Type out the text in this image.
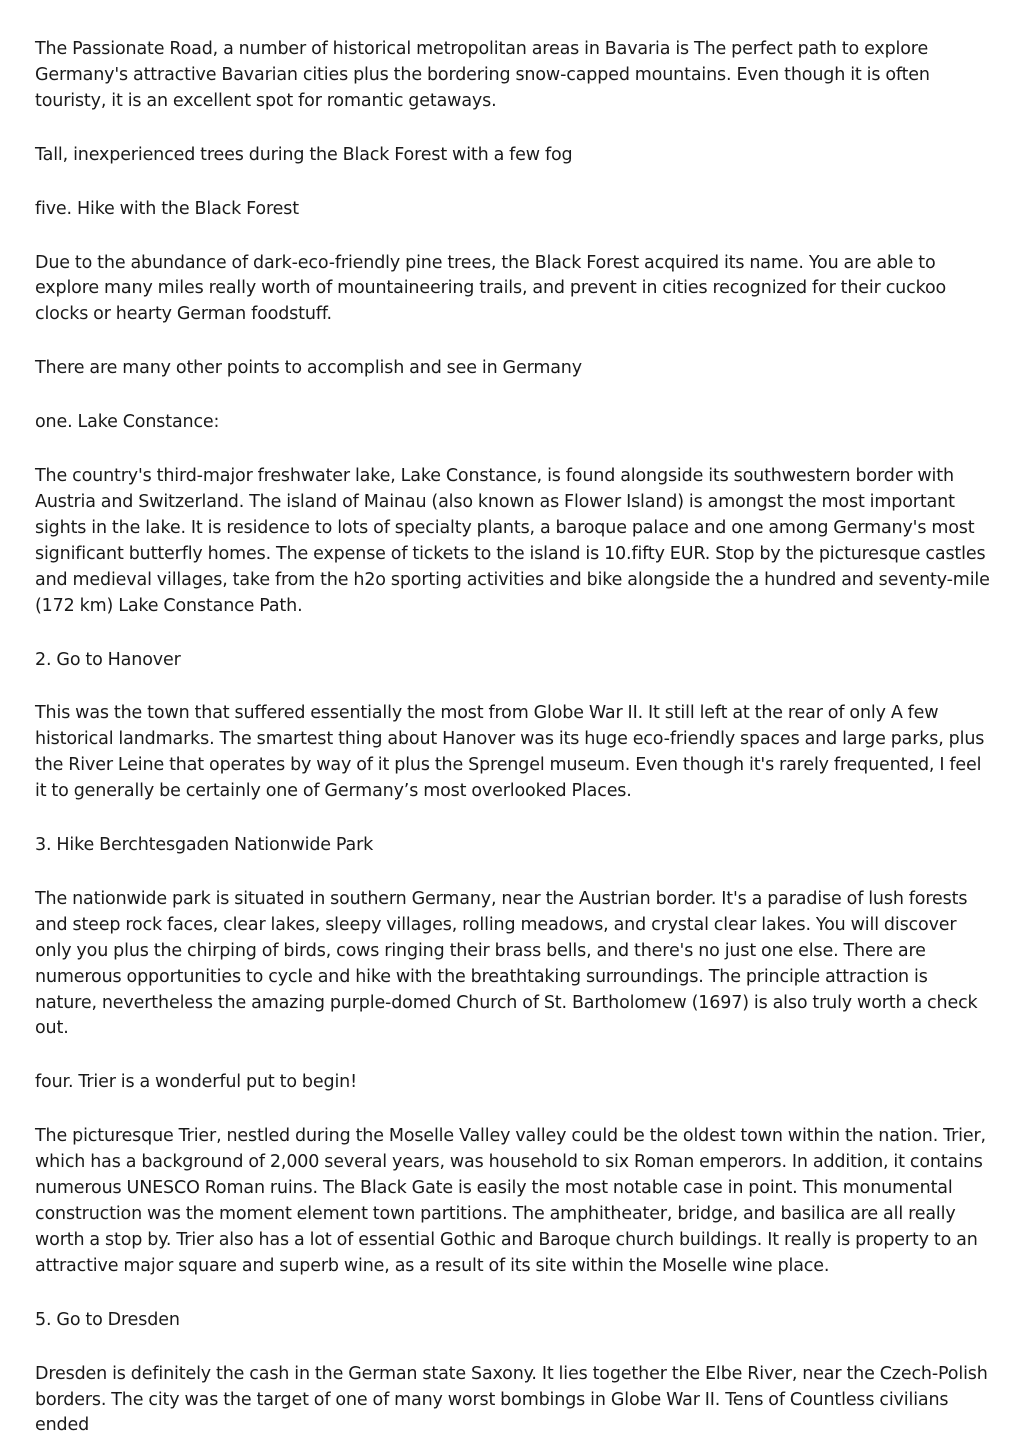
The Passionate Road, a number of historical metropolitan areas in Bavaria is The perfect path to explore Germany's attractive Bavarian cities plus the bordering snow-capped mountains. Even though it is often touristy, it is an excellent spot for romantic getaways.

Tall, inexperienced trees during the Black Forest with a few fog

five. Hike with the Black Forest

Due to the abundance of dark-eco-friendly pine trees, the Black Forest acquired its name. You are able to explore many miles really worth of mountaineering trails, and prevent in cities recognized for their cuckoo clocks or hearty German foodstuff.

There are many other points to accomplish and see in Germany

one. Lake Constance:

The country's third-major freshwater lake, Lake Constance, is found alongside its southwestern border with Austria and Switzerland. The island of Mainau (also known as Flower Island) is amongst the most important sights in the lake. It is residence to lots of specialty plants, a baroque palace and one among Germany's most significant butterfly homes. The expense of tickets to the island is 10.fifty EUR. Stop by the picturesque castles and medieval villages, take from the h2o sporting activities and bike alongside the a hundred and seventy-mile (172 km) Lake Constance Path.

2. Go to Hanover

This was the town that suffered essentially the most from Globe War II. It still left at the rear of only A few historical landmarks. The smartest thing about Hanover was its huge eco-friendly spaces and large parks, plus the River Leine that operates by way of it plus the Sprengel museum. Even though it's rarely frequented, I feel it to generally be certainly one of Germany’s most overlooked Places.

3. Hike Berchtesgaden Nationwide Park

The nationwide park is situated in southern Germany, near the Austrian border. It's a paradise of lush forests and steep rock faces, clear lakes, sleepy villages, rolling meadows, and crystal clear lakes. You will discover only you plus the chirping of birds, cows ringing their brass bells, and there's no just one else. There are numerous opportunities to cycle and hike with the breathtaking surroundings. The principle attraction is nature, nevertheless the amazing purple-domed Church of St. Bartholomew (1697) is also truly worth a check out.

four. Trier is a wonderful put to begin!

The picturesque Trier, nestled during the Moselle Valley valley could be the oldest town within the nation. Trier, which has a background of 2,000 several years, was household to six Roman emperors. In addition, it contains numerous UNESCO Roman ruins. The Black Gate is easily the most notable case in point. This monumental construction was the moment element town partitions. The amphitheater, bridge, and basilica are all really worth a stop by. Trier also has a lot of essential Gothic and Baroque church buildings. It really is property to an attractive major square and superb wine, as a result of its site within the Moselle wine place.

5. Go to Dresden

Dresden is definitely the cash in the German state Saxony. It lies together the Elbe River, near the Czech-Polish borders. The city was the target of one of many worst bombings in Globe War II. Tens of Countless civilians ended
